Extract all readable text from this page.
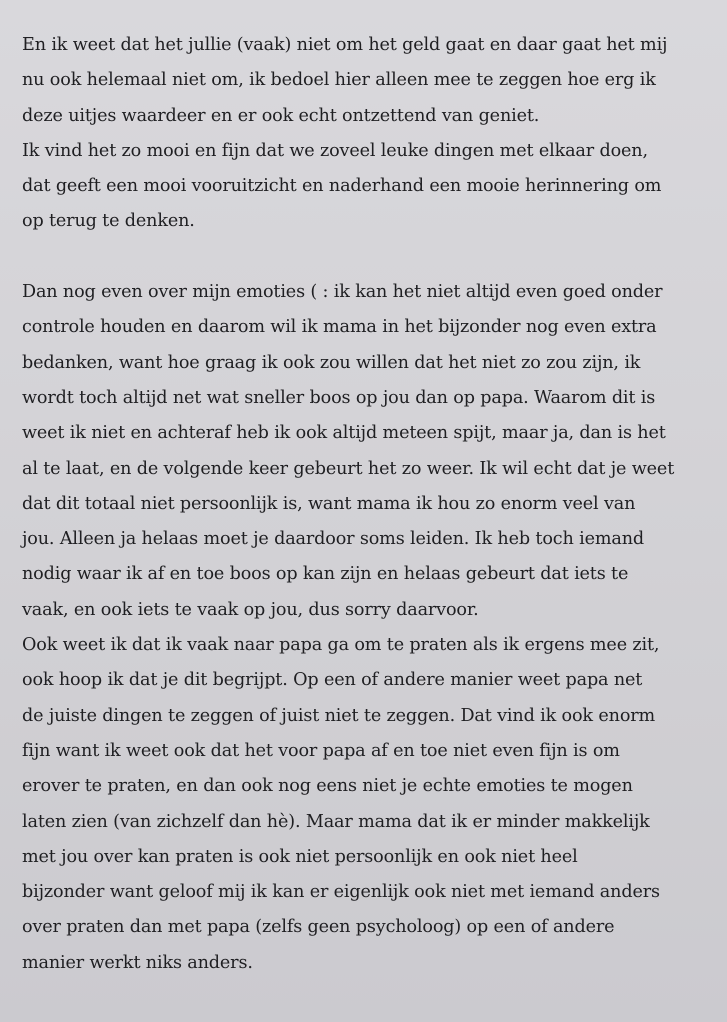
En ik weet dat het jullie (vaak) niet om het geld gaat en daar gaat het mij
nu ook helemaal niet om, ik bedoel hier alleen mee te zeggen hoe erg ik
deze uitjes waardeer en er ook echt ontzettend van geniet.
Ik vind het zo mooi en fijn dat we zoveel leuke dingen met elkaar doen,
dat geeft een mooi vooruitzicht en naderhand een mooie herinnering om
op terug te denken.
Dan nog even over mijn emoties ( : ik kan het niet altijd even goed onder
controle houden en daarom wil ik mama in het bijzonder nog even extra
bedanken, want hoe graag ik ook zou willen dat het niet zo zou zijn, ik
wordt toch altijd net wat sneller boos op jou dan op papa. Waarom dit is
weet ik niet en achteraf heb ik ook altijd meteen spijt, maar ja, dan is het
al te laat, en de volgende keer gebeurt het zo weer. Ik wil echt dat je weet
dat dit totaal niet persoonlijk is, want mama ik hou zo enorm veel van
jou. Alleen ja helaas moet je daardoor soms leiden. Ik heb toch iemand
nodig waar ik af en toe boos op kan zijn en helaas gebeurt dat iets te
vaak, en ook iets te vaak op jou, dus sorry daarvoor.
Ook weet ik dat ik vaak naar papa ga om te praten als ik ergens mee zit,
ook hoop ik dat je dit begrijpt. Op een of andere manier weet papa net
de juiste dingen te zeggen of juist niet te zeggen. Dat vind ik ook enorm
fijn want ik weet ook dat het voor papa af en toe niet even fijn is om
erover te praten, en dan ook nog eens niet je echte emoties te mogen
laten zien (van zichzelf dan hè). Maar mama dat ik er minder makkelijk
met jou over kan praten is ook niet persoonlijk en ook niet heel
bijzonder want geloof mij ik kan er eigenlijk ook niet met iemand anders
over praten dan met papa (zelfs geen psycholoog) op een of andere
manier werkt niks anders.
